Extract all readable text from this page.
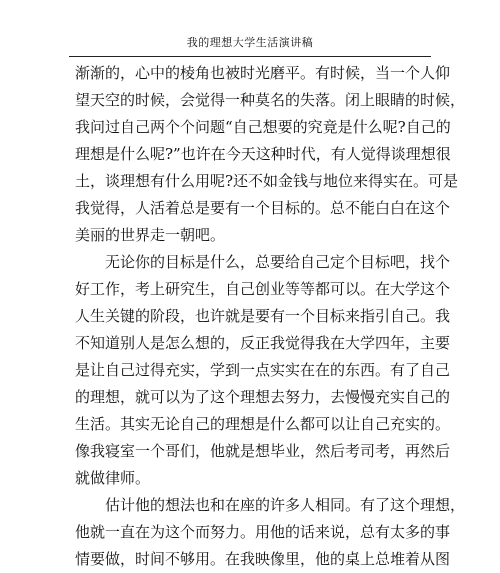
我的理想大学生活演讲稿
渐渐的，心中的棱角也被时光磨平。有时候，当一个人仰
望天空的时候，会觉得一种莫名的失落。闭上眼睛的时候，
我问过自己两个个问题“自己想要的究竟是什么呢?自己的
理想是什么呢?”也许在今天这种时代，有人觉得谈理想很
土，谈理想有什么用呢?还不如金钱与地位来得实在。可是
我觉得，人活着总是要有一个目标的。总不能白白在这个
美丽的世界走一朝吧。
　　无论你的目标是什么，总要给自己定个目标吧，找个
好工作，考上研究生，自己创业等等都可以。在大学这个
人生关键的阶段，也许就是要有一个目标来指引自己。我
不知道别人是怎么想的，反正我觉得我在大学四年，主要
是让自己过得充实，学到一点实实在在的东西。有了自己
的理想，就可以为了这个理想去努力，去慢慢充实自己的
生活。其实无论自己的理想是什么都可以让自己充实的。
像我寝室一个哥们，他就是想毕业，然后考司考，再然后
就做律师。
　　估计他的想法也和在座的许多人相同。有了这个理想，
他就一直在为这个而努力。用他的话来说，总有太多的事
情要做，时间不够用。在我映像里，他的桌上总堆着从图
